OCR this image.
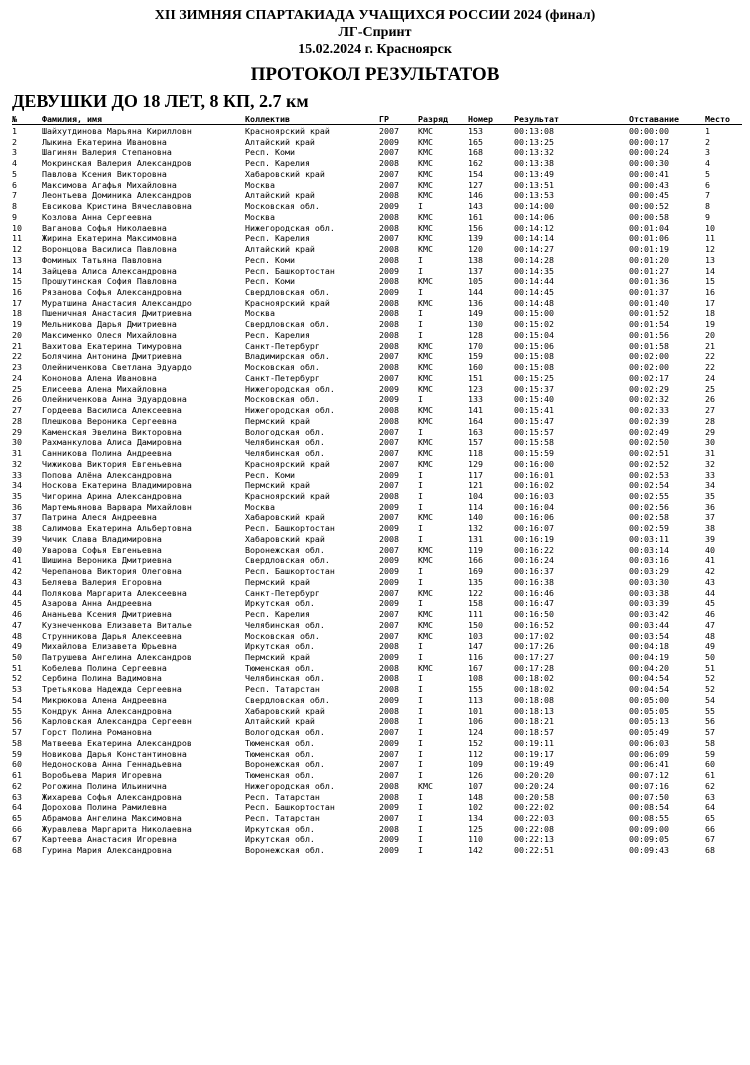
XII ЗИМНЯЯ СПАРТАКИАДА УЧАЩИХСЯ РОССИИ 2024 (финал)
ЛГ-Спринт
15.02.2024 г. Красноярск
ПРОТОКОЛ РЕЗУЛЬТАТОВ
ДЕВУШКИ ДО 18 ЛЕТ, 8 КП, 2.7 км
№	Фамилия, имя	Коллектив	ГР	Разряд	Номер	Результат	Отставание	Место
1	Шайхутдинова Марьяна Кирилловн	Красноярский край	2007	КМС	153	00:13:08	00:00:00	1
2	Лыкина Екатерина Ивановна	Алтайский край	2009	КМС	165	00:13:25	00:00:17	2
3	Шагинян Валерия Степановна	Респ. Коми	2007	КМС	168	00:13:32	00:00:24	3
4	Мокринская Валерия Александров	Респ. Карелия	2008	КМС	162	00:13:38	00:00:30	4
5	Павлова Ксения Викторовна	Хабаровский край	2007	КМС	154	00:13:49	00:00:41	5
6	Максимова Агафья Михайловна	Москва	2007	КМС	127	00:13:51	00:00:43	6
7	Леонтьева Доминика Александров	Алтайский край	2008	КМС	146	00:13:53	00:00:45	7
8	Евсикова Кристина Вячеславовна	Московская обл.	2009	I	143	00:14:00	00:00:52	8
9	Козлова Анна Сергеевна	Москва	2008	КМС	161	00:14:06	00:00:58	9
10	Ваганова Софья Николаевна	Нижегородская обл.	2008	КМС	156	00:14:12	00:01:04	10
11	Жирина Екатерина Максимовна	Респ. Карелия	2007	КМС	139	00:14:14	00:01:06	11
12	Воронцова Василиса Павловна	Алтайский край	2008	КМС	120	00:14:27	00:01:19	12
13	Фоминых Татьяна Павловна	Респ. Коми	2008	I	138	00:14:28	00:01:20	13
14	Зайцева Алиса Александровна	Респ. Башкортостан	2009	I	137	00:14:35	00:01:27	14
15	Прошутинская София Павловна	Респ. Коми	2008	КМС	105	00:14:44	00:01:36	15
16	Рязанова Софья Александровна	Свердловская обл.	2009	I	144	00:14:45	00:01:37	16
17	Муратшина Анастасия Александро	Красноярский край	2008	КМС	136	00:14:48	00:01:40	17
18	Пшеничная Анастасия Дмитриевна	Москва	2008	I	149	00:15:00	00:01:52	18
19	Мельникова Дарья Дмитриевна	Свердловская обл.	2008	I	130	00:15:02	00:01:54	19
20	Максименко Олеся Михайловна	Респ. Карелия	2008	I	128	00:15:04	00:01:56	20
21	Вахитова Екатерина Тимуровна	Санкт-Петербург	2008	КМС	170	00:15:06	00:01:58	21
22	Болячина Антонина Дмитриевна	Владимирская обл.	2007	КМС	159	00:15:08	00:02:00	22
23	Олейниченкова Светлана Эдуардо	Московская обл.	2008	КМС	160	00:15:08	00:02:00	22
24	Кононова Алена Ивановна	Санкт-Петербург	2007	КМС	151	00:15:25	00:02:17	24
25	Елисеева Алена Михайловна	Нижегородская обл.	2009	КМС	123	00:15:37	00:02:29	25
26	Олейниченкова Анна Эдуардовна	Московская обл.	2009	I	133	00:15:40	00:02:32	26
27	Гордеева Василиса Алексеевна	Нижегородская обл.	2008	КМС	141	00:15:41	00:02:33	27
28	Плешкова Вероника Сергеевна	Пермский край	2008	КМС	164	00:15:47	00:02:39	28
29	Каменская Эвелина Викторовна	Вологодская обл.	2007	I	163	00:15:57	00:02:49	29
30	Рахманкулова Алиса Дамировна	Челябинская обл.	2007	КМС	157	00:15:58	00:02:50	30
31	Санникова Полина Андреевна	Челябинская обл.	2007	КМС	118	00:15:59	00:02:51	31
32	Чижикова Виктория Евгеньевна	Красноярский край	2007	КМС	129	00:16:00	00:02:52	32
33	Попова Алёна Александровна	Респ. Коми	2009	I	117	00:16:01	00:02:53	33
34	Носкова Екатерина Владимировна	Пермский край	2007	I	121	00:16:02	00:02:54	34
35	Чигорина Арина Александровна	Красноярский край	2008	I	104	00:16:03	00:02:55	35
36	Мартемьянова Варвара Михайловн	Москва	2009	I	114	00:16:04	00:02:56	36
37	Патрина Алеся Андреевна	Хабаровский край	2007	КМС	140	00:16:06	00:02:58	37
38	Салимова Екатерина Альбертовна	Респ. Башкортостан	2009	I	132	00:16:07	00:02:59	38
39	Чичик Слава Владимировна	Хабаровский край	2008	I	131	00:16:19	00:03:11	39
40	Уварова Софья Евгеньевна	Воронежская обл.	2007	КМС	119	00:16:22	00:03:14	40
41	Шишина Вероника Дмитриевна	Свердловская обл.	2009	КМС	166	00:16:24	00:03:16	41
42	Черепанова Виктория Олеговна	Респ. Башкортостан	2009	I	169	00:16:37	00:03:29	42
43	Беляева Валерия Егоровна	Пермский край	2009	I	135	00:16:38	00:03:30	43
44	Полякова Маргарита Алексеевна	Санкт-Петербург	2007	КМС	122	00:16:46	00:03:38	44
45	Азарова Анна Андреевна	Иркутская обл.	2009	I	158	00:16:47	00:03:39	45
46	Ананьева Ксения Дмитриевна	Респ. Карелия	2007	КМС	111	00:16:50	00:03:42	46
47	Кузнеченкова Елизавета Виталье	Челябинская обл.	2007	КМС	150	00:16:52	00:03:44	47
48	Струнникова Дарья Алексеевна	Московская обл.	2007	КМС	103	00:17:02	00:03:54	48
49	Михайлова Елизавета Юрьевна	Иркутская обл.	2008	I	147	00:17:26	00:04:18	49
50	Патрушева Ангелина Александров	Пермский край	2009	I	116	00:17:27	00:04:19	50
51	Кобелева Полина Сергеевна	Тюменская обл.	2008	КМС	167	00:17:28	00:04:20	51
52	Сербина Полина Вадимовна	Челябинская обл.	2008	I	108	00:18:02	00:04:54	52
53	Третьякова Надежда Сергеевна	Респ. Татарстан	2008	I	155	00:18:02	00:04:54	52
54	Микрюкова Алена Андреевна	Свердловская обл.	2009	I	113	00:18:08	00:05:00	54
55	Кондрук Анна Александровна	Хабаровский край	2008	I	101	00:18:13	00:05:05	55
56	Карловская Александра Сергеевн	Алтайский край	2008	I	106	00:18:21	00:05:13	56
57	Горст Полина Романовна	Вологодская обл.	2007	I	124	00:18:57	00:05:49	57
58	Матвеева Екатерина Александров	Тюменская обл.	2009	I	152	00:19:11	00:06:03	58
59	Новикова Дарья Константиновна	Тюменская обл.	2007	I	112	00:19:17	00:06:09	59
60	Недоноскова Анна Геннадьевна	Воронежская обл.	2007	I	109	00:19:49	00:06:41	60
61	Воробьева Мария Игоревна	Тюменская обл.	2007	I	126	00:20:20	00:07:12	61
62	Рогожина Полина Ильинична	Нижегородская обл.	2008	КМС	107	00:20:24	00:07:16	62
63	Жихарева Софья Александровна	Респ. Татарстан	2008	I	148	00:20:58	00:07:50	63
64	Дорохова Полина Рамилевна	Респ. Башкортостан	2009	I	102	00:22:02	00:08:54	64
65	Абрамова Ангелина Максимовна	Респ. Татарстан	2007	I	134	00:22:03	00:08:55	65
66	Журавлева Маргарита Николаевна	Иркутская обл.	2008	I	125	00:22:08	00:09:00	66
67	Картеева Анастасия Игоревна	Иркутская обл.	2009	I	110	00:22:13	00:09:05	67
68	Гурина Мария Александровна	Воронежская обл.	2009	I	142	00:22:51	00:09:43	68
